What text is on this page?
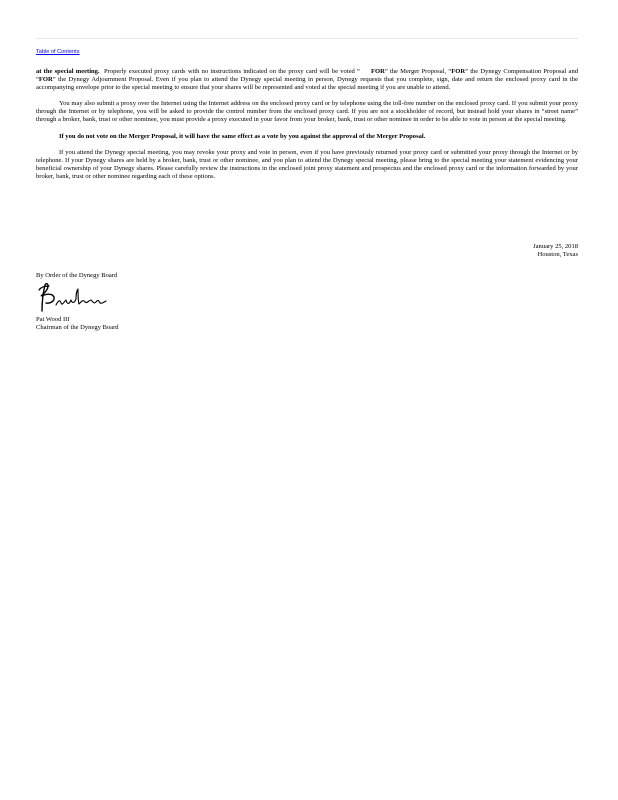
Table of Contents

at the special meeting. Properly executed proxy cards with no instructions indicated on the proxy card will be voted “ FOR” the Merger Proposal, “FOR” the Dynegy Compensation Proposal and “FOR” the Dynegy Adjournment Proposal. Even if you plan to attend the Dynegy special meeting in person, Dynegy requests that you complete, sign, date and return the enclosed proxy card in the accompanying envelope prior to the special meeting to ensure that your shares will be represented and voted at the special meeting if you are unable to attend.

You may also submit a proxy over the Internet using the Internet address on the enclosed proxy card or by telephone using the toll-free number on the enclosed proxy card. If you submit your proxy through the Internet or by telephone, you will be asked to provide the control number from the enclosed proxy card. If you are not a stockholder of record, but instead hold your shares in “street name” through a broker, bank, trust or other nominee, you must provide a proxy executed in your favor from your broker, bank, trust or other nominee in order to be able to vote in person at the special meeting.

If you do not vote on the Merger Proposal, it will have the same effect as a vote by you against the approval of the Merger Proposal.

If you attend the Dynegy special meeting, you may revoke your proxy and vote in person, even if you have previously returned your proxy card or submitted your proxy through the Internet or by telephone. If your Dynegy shares are held by a broker, bank, trust or other nominee, and you plan to attend the Dynegy special meeting, please bring to the special meeting your statement evidencing your beneficial ownership of your Dynegy shares. Please carefully review the instructions in the enclosed joint proxy statement and prospectus and the enclosed proxy card or the information forwarded by your broker, bank, trust or other nominee regarding each of these options.

January 25, 2018
Houston, Texas
By Order of the Dynegy Board
Pat Wood III
Chairman of the Dynegy Board
